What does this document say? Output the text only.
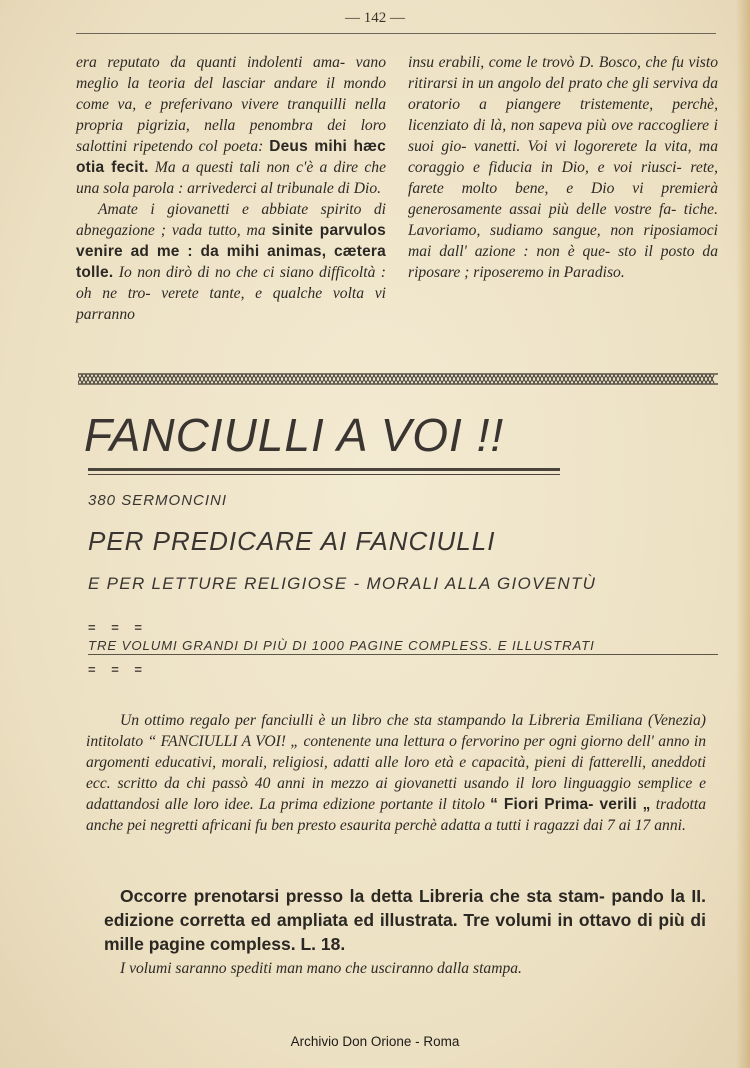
— 142 —

era reputato da quanti indolenti ama- vano meglio la teoria del lasciar andare il mondo come va, e preferivano vivere tranquilli nella propria pigrizia, nella penombra dei loro salottini ripetendo col poeta: Deus mihi hæc otia fecit. Ma a questi tali non c'è a dire che una sola parola : arrivederci al tribunale di Dio.

Amate i giovanetti e abbiate spirito di abnegazione ; vada tutto, ma sinite parvulos venire ad me : da mihi animas, cætera tolle. Io non dirò di no che ci siano difficoltà : oh ne tro- verete tante, e qualche volta vi parranno

insu erabili, come le trovò D. Bosco, che fu visto ritirarsi in un angolo del prato che gli serviva da oratorio a piangere tristemente, perchè, licenziato di là, non sapeva più ove raccogliere i suoi gio- vanetti. Voi vi logorerete la vita, ma coraggio e fiducia in Dio, e voi riusci- rete, farete molto bene, e Dio vi premierà generosamente assai più delle vostre fa- tiche. Lavoriamo, sudiamo sangue, non riposiamoci mai dall' azione : non è que- sto il posto da riposare ; riposeremo in Paradiso.

FANCIULLI A VOI !!
380 SERMONCINI
PER PREDICARE AI FANCIULLI
E PER LETTURE RELIGIOSE - MORALI ALLA GIOVENTÙ
= = =
TRE VOLUMI GRANDI DI PIÙ DI 1000 PAGINE COMPLESS. E ILLUSTRATI
= = =

Un ottimo regalo per fanciulli è un libro che sta stampando la Libreria Emiliana (Venezia) intitolato “ FANCIULLI A VOI! „ contenente una lettura o fervorino per ogni giorno dell' anno in argomenti educativi, morali, religiosi, adatti alle loro età e capacità, pieni di fatterelli, aneddoti ecc. scritto da chi passò 40 anni in mezzo ai giovanetti usando il loro linguaggio semplice e adattandosi alle loro idee. La prima edizione portante il titolo “ Fiori Prima- verili „ tradotta anche pei negretti africani fu ben presto esaurita perchè adatta a tutti i ragazzi dai 7 ai 17 anni.

Occorre prenotarsi presso la detta Libreria che sta stam- pando la II. edizione corretta ed ampliata ed illustrata. Tre volumi in ottavo di più di mille pagine compless. L. 18.
I volumi saranno spediti man mano che usciranno dalla stampa.
Archivio Don Orione - Roma
